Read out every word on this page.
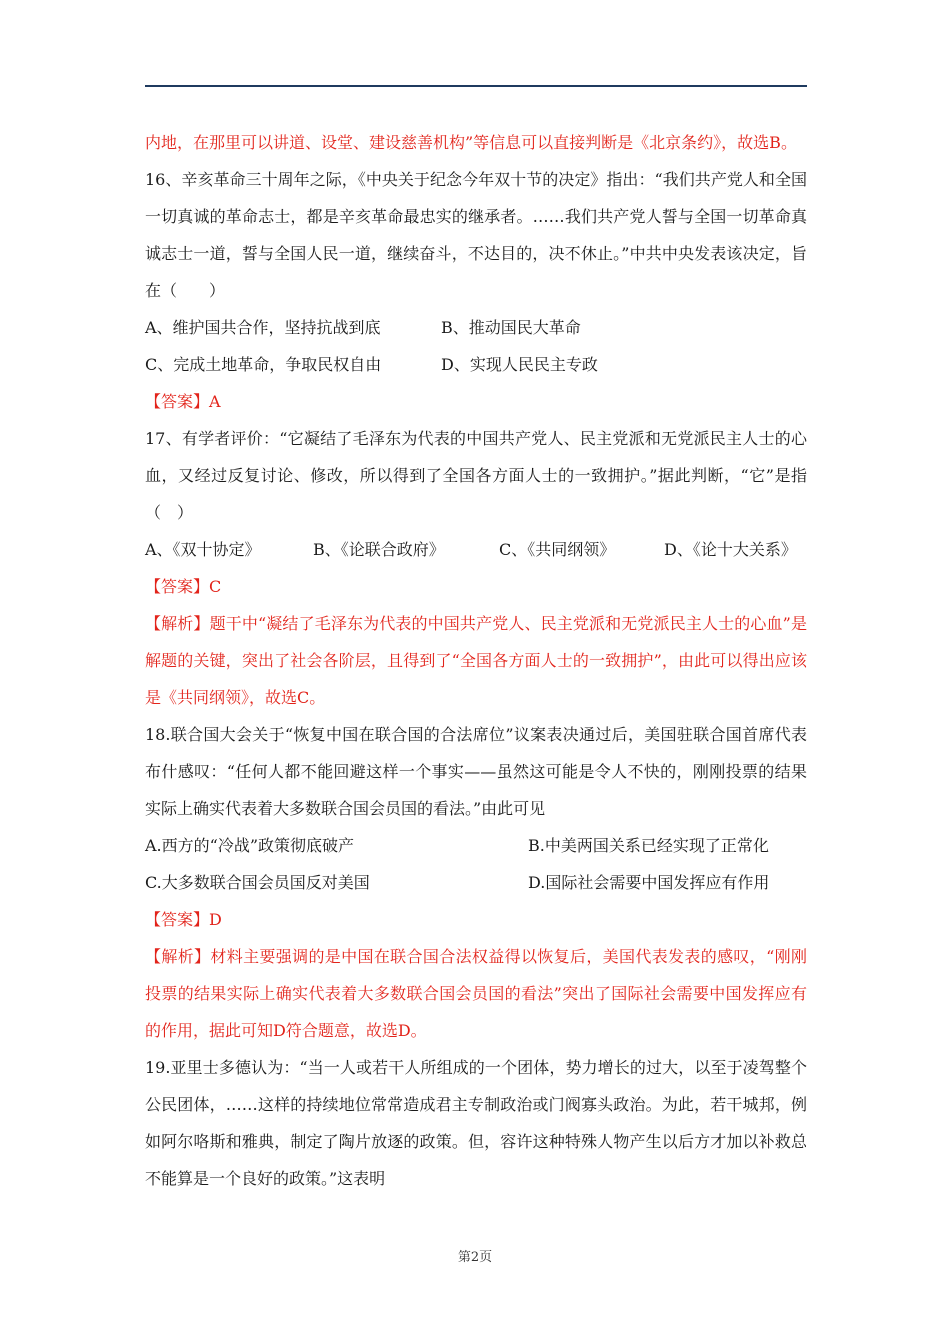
内地，在那里可以讲道、设堂、建设慈善机构”等信息可以直接判断是《北京条约》，故选B。

16、辛亥革命三十周年之际，《中央关于纪念今年双十节的决定》指出：“我们共产党人和全国一切真诚的革命志士，都是辛亥革命最忠实的继承者。……我们共产党人誓与全国一切革命真诚志士一道，誓与全国人民一道，继续奋斗，不达目的，决不休止。”中共中央发表该决定，旨在（　　）

A、维护国共合作，坚持抗战到底	B、推动国民大革命
C、完成土地革命，争取民权自由	D、实现人民民主专政

【答案】A

17、有学者评价：“它凝结了毛泽东为代表的中国共产党人、民主党派和无党派民主人士的心血，又经过反复讨论、修改，所以得到了全国各方面人士的一致拥护。”据此判断，“它”是指（　）

A、《双十协定》	B、《论联合政府》	C、《共同纲领》	D、《论十大关系》

【答案】C

【解析】题干中“凝结了毛泽东为代表的中国共产党人、民主党派和无党派民主人士的心血”是解题的关键，突出了社会各阶层，且得到了“全国各方面人士的一致拥护”，由此可以得出应该是《共同纲领》，故选C。

18.联合国大会关于“恢复中国在联合国的合法席位”议案表决通过后，美国驻联合国首席代表布什感叹：“任何人都不能回避这样一个事实——虽然这可能是令人不快的，刚刚投票的结果实际上确实代表着大多数联合国会员国的看法。”由此可见

A.西方的“冷战”政策彻底破产	B.中美两国关系已经实现了正常化
C.大多数联合国会员国反对美国	D.国际社会需要中国发挥应有作用

【答案】D

【解析】材料主要强调的是中国在联合国合法权益得以恢复后，美国代表发表的感叹，“刚刚投票的结果实际上确实代表着大多数联合国会员国的看法”突出了国际社会需要中国发挥应有的作用，据此可知D符合题意，故选D。

19.亚里士多德认为：“当一人或若干人所组成的一个团体，势力增长的过大，以至于凌驾整个公民团体，……这样的持续地位常常造成君主专制政治或门阀寡头政治。为此，若干城邦，例如阿尔咯斯和雅典，制定了陶片放逐的政策。但，容许这种特殊人物产生以后方才加以补救总不能算是一个良好的政策。”这表明

第2页
